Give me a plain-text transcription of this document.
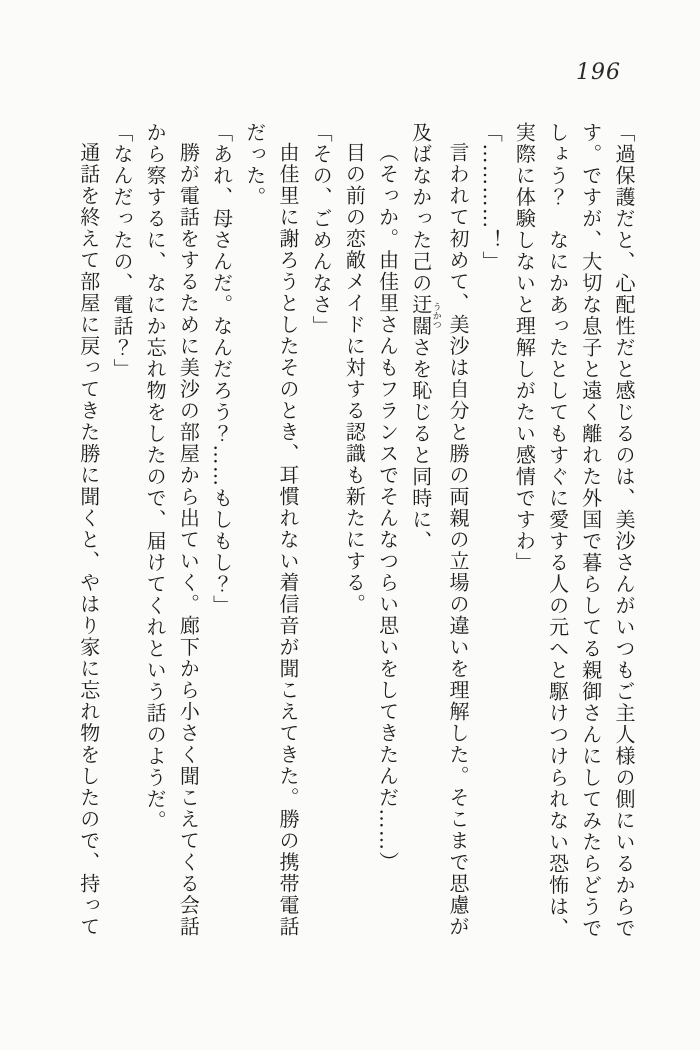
196

「過保護だと、心配性だと感じるのは、美沙さんがいつもご主人様の側にいるからで

す。ですが、大切な息子と遠く離れた外国で暮らしてる親御さんにしてみたらどうで

しょう？　なにかあったとしてもすぐに愛する人の元へと駆けつけられない恐怖は、

実際に体験しないと理解しがたい感情ですわ」

「…………！」

言われて初めて、美沙は自分と勝の両親の立場の違いを理解した。そこまで思慮が

及ばなかった己の迂闊うかつさを恥じると同時に、

（そっか。由佳里さんもフランスでそんなつらい思いをしてきたんだ……）

目の前の恋敵メイドに対する認識も新たにする。

「その、ごめんなさ」

由佳里に謝ろうとしたそのとき、耳慣れない着信音が聞こえてきた。勝の携帯電話

だった。

「あれ、母さんだ。なんだろう？……もしもし？」

勝が電話をするために美沙の部屋から出ていく。廊下から小さく聞こえてくる会話

から察するに、なにか忘れ物をしたので、届けてくれという話のようだ。

「なんだったの、電話？」

通話を終えて部屋に戻ってきた勝に聞くと、やはり家に忘れ物をしたので、持って
